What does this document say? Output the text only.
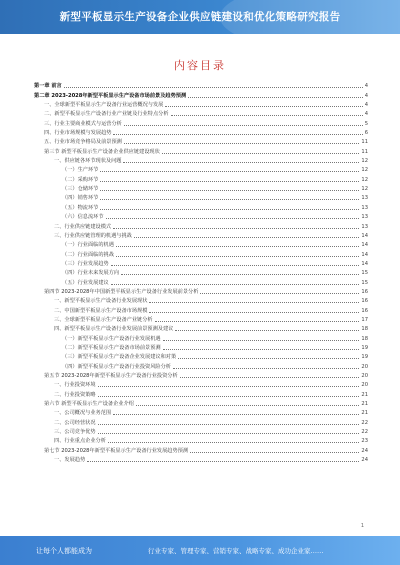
新型平板显示生产设备企业供应链建设和优化策略研究报告
内容目录
第一章 前言	4
第二章 2023-2028年新型平板显示生产设备市场前景及趋势预测	4
一、全球新型平板显示生产设备行业运营概况与发展	4
二、新型平板显示生产设备行业产业链及行业特点分析	4
三、行业主要商业模式与运营分析	5
四、行业市场规模与发展趋势	6
五、行业市场竞争格局及前景预测	11
第三节 新型平板显示生产设备企业供应链建设现状	11
一、供应链各环节现状及问题	12
（一）生产环节	12
（二）采购环节	12
（三）仓储环节	12
（四）销售环节	13
（五）物流环节	13
（六）信息流环节	13
二、行业供应链建设模式	13
三、行业供应链管理的机遇与挑战	14
（一）行业面临的机遇	14
（二）行业面临的挑战	14
（三）行业发展趋势	14
（四）行业未来发展方向	15
（五）行业发展建议	15
第四节 2023-2028年中国新型平板显示生产设备行业发展前景分析	16
一、新型平板显示生产设备行业发展现状	16
二、中国新型平板显示生产设备市场规模	16
三、全球新型平板显示生产设备产业链分析	17
四、新型平板显示生产设备行业发展前景预测及建议	18
（一）新型平板显示生产设备行业发展机遇	18
（二）新型平板显示生产设备市场前景预测	19
（三）新型平板显示生产设备企业发展建议和对策	19
（四）新型平板显示生产设备行业投资风险分析	20
第五节 2023-2028年新型平板显示生产设备行业投资分析	20
一、行业投资环境	20
二、行业投资策略	21
第六节 新型平板显示生产设备企业介绍	21
一、公司概况与业务范围	21
二、公司经营状况	22
三、公司竞争优势	22
四、行业重点企业分析	23
第七节 2023-2028年新型平板显示生产设备行业发展趋势预测	24
一、发展趋势	24
1
让每个人都能成为	行业专家、管理专家、营销专家、战略专家、成功企业家……
